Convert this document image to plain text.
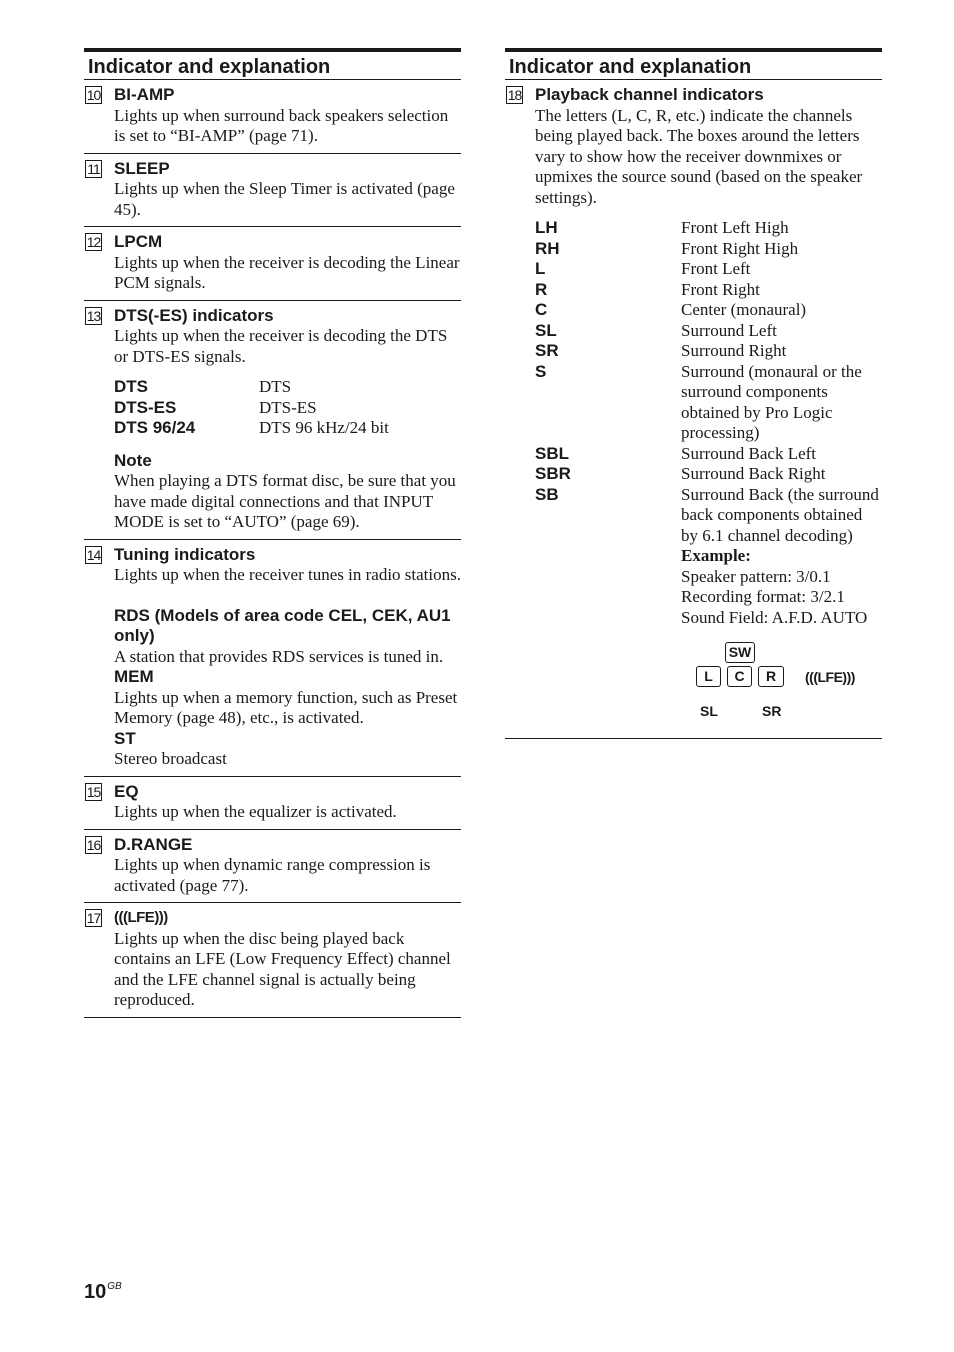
Indicator and explanation
10 BI-AMP
Lights up when surround back speakers selection is set to “BI-AMP” (page 71).
11 SLEEP
Lights up when the Sleep Timer is activated (page 45).
12 LPCM
Lights up when the receiver is decoding the Linear PCM signals.
13 DTS(-ES) indicators
Lights up when the receiver is decoding the DTS or DTS-ES signals.
DTS	DTS
DTS-ES	DTS-ES
DTS 96/24	DTS 96 kHz/24 bit
Note
When playing a DTS format disc, be sure that you have made digital connections and that INPUT MODE is set to “AUTO” (page 69).
14 Tuning indicators
Lights up when the receiver tunes in radio stations.
RDS (Models of area code CEL, CEK, AU1 only)
A station that provides RDS services is tuned in.
MEM
Lights up when a memory function, such as Preset Memory (page 48), etc., is activated.
ST
Stereo broadcast
15 EQ
Lights up when the equalizer is activated.
16 D.RANGE
Lights up when dynamic range compression is activated (page 77).
17 (((LFE)))
Lights up when the disc being played back contains an LFE (Low Frequency Effect) channel and the LFE channel signal is actually being reproduced.
Indicator and explanation
18 Playback channel indicators
The letters (L, C, R, etc.) indicate the channels being played back. The boxes around the letters vary to show how the receiver downmixes or upmixes the source sound (based on the speaker settings).
LH	Front Left High
RH	Front Right High
L	Front Left
R	Front Right
C	Center (monaural)
SL	Surround Left
SR	Surround Right
S	Surround (monaural or the surround components obtained by Pro Logic processing)
SBL	Surround Back Left
SBR	Surround Back Right
SB	Surround Back (the surround back components obtained by 6.1 channel decoding)

	Example:
Speaker pattern: 3/0.1
Recording format: 3/2.1
Sound Field: A.F.D. AUTO
SW
L	C	R	(((LFE)))
SL	SR
$10^{GB}$
